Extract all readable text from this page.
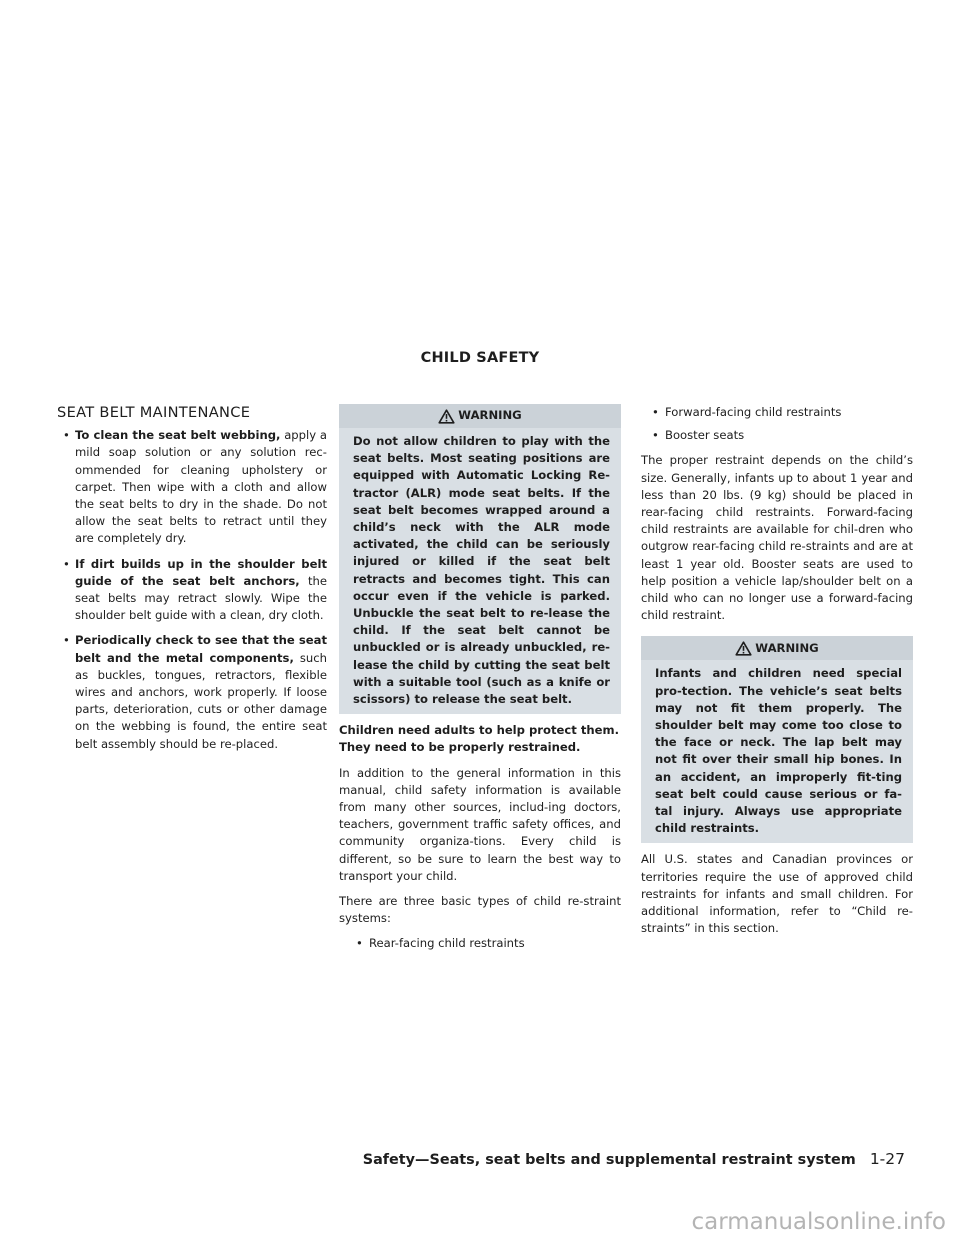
CHILD SAFETY
SEAT BELT MAINTENANCE
• To clean the seat belt webbing, apply a mild soap solution or any solution rec-ommended for cleaning upholstery or carpet. Then wipe with a cloth and allow the seat belts to dry in the shade. Do not allow the seat belts to retract until they are completely dry.
• If dirt builds up in the shoulder belt guide of the seat belt anchors, the seat belts may retract slowly. Wipe the shoulder belt guide with a clean, dry cloth.
• Periodically check to see that the seat belt and the metal components, such as buckles, tongues, retractors, flexible wires and anchors, work properly. If loose parts, deterioration, cuts or other damage on the webbing is found, the entire seat belt assembly should be re-placed.
WARNING
Do not allow children to play with the seat belts. Most seating positions are equipped with Automatic Locking Re-tractor (ALR) mode seat belts. If the seat belt becomes wrapped around a child’s neck with the ALR mode activated, the child can be seriously injured or killed if the seat belt retracts and becomes tight. This can occur even if the vehicle is parked. Unbuckle the seat belt to re-lease the child. If the seat belt cannot be unbuckled or is already unbuckled, re-lease the child by cutting the seat belt with a suitable tool (such as a knife or scissors) to release the seat belt.

Children need adults to help protect them. They need to be properly restrained.

In addition to the general information in this manual, child safety information is available from many other sources, includ-ing doctors, teachers, government traffic safety offices, and community organiza-tions. Every child is different, so be sure to learn the best way to transport your child.

There are three basic types of child re-straint systems:

• Rear-facing child restraints
• Forward-facing child restraints
• Booster seats

The proper restraint depends on the child’s size. Generally, infants up to about 1 year and less than 20 lbs. (9 kg) should be placed in rear-facing child restraints. Forward-facing child restraints are available for chil-dren who outgrow rear-facing child re-straints and are at least 1 year old. Booster seats are used to help position a vehicle lap/shoulder belt on a child who can no longer use a forward-facing child restraint.

WARNING
Infants and children need special pro-tection. The vehicle’s seat belts may not fit them properly. The shoulder belt may come too close to the face or neck. The lap belt may not fit over their small hip bones. In an accident, an improperly fit-ting seat belt could cause serious or fa-tal injury. Always use appropriate child restraints.

All U.S. states and Canadian provinces or territories require the use of approved child restraints for infants and small children. For additional information, refer to “Child re-straints” in this section.

Safety—Seats, seat belts and supplemental restraint system 1-27
carmanualsonline.info
